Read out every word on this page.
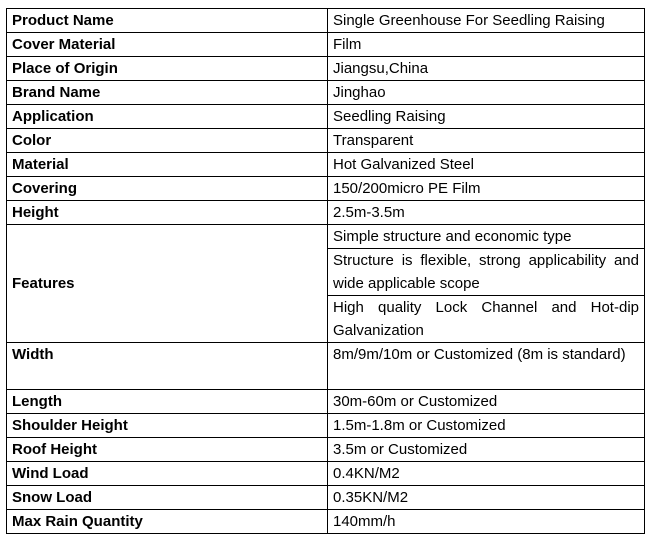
Product Name	Single Greenhouse For Seedling Raising
Cover Material	Film
Place of Origin	Jiangsu,China
Brand Name	Jinghao
Application	Seedling Raising
Color	Transparent
Material	Hot Galvanized Steel
Covering	150/200micro PE Film
Height	2.5m-3.5m
Features	Simple structure and economic type

	Structure is flexible, strong applicability and wide applicable scope

	High quality Lock Channel and Hot-dip Galvanization

Width	8m/9m/10m or Customized (8m is standard)

Length	30m-60m or Customized
Shoulder Height	1.5m-1.8m or Customized
Roof Height	3.5m or Customized
Wind Load	0.4KN/M2
Snow Load	0.35KN/M2
Max Rain Quantity	140mm/h
